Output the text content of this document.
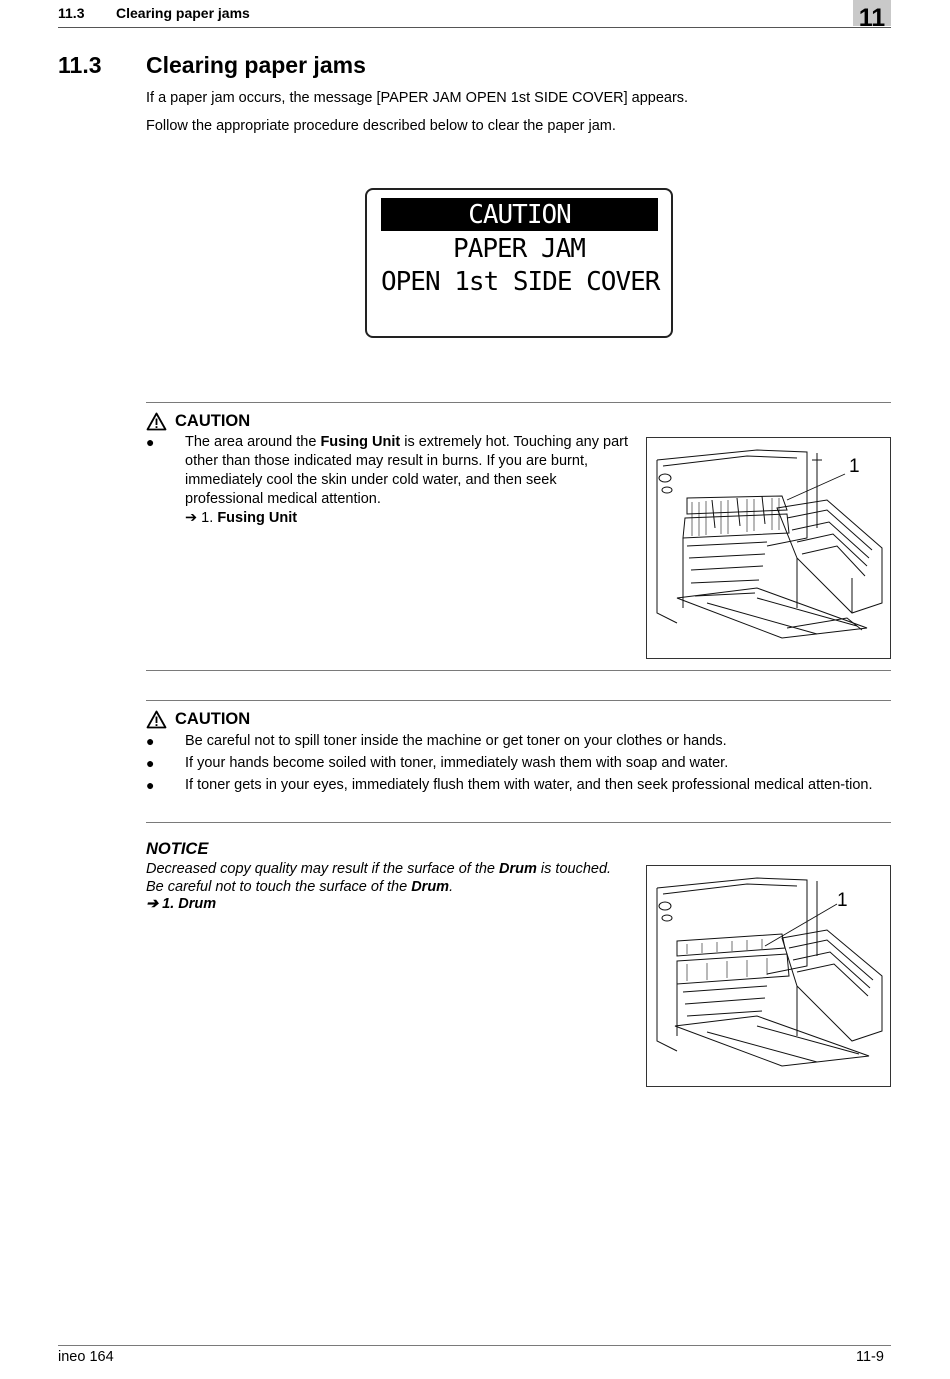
11.3 Clearing paper jams	11
11.3 Clearing paper jams
If a paper jam occurs, the message [PAPER JAM OPEN 1st SIDE COVER] appears.
Follow the appropriate procedure described below to clear the paper jam.
CAUTION
PAPER JAM
OPEN 1st SIDE COVER
CAUTION
● The area around the Fusing Unit is extremely hot. Touching any part other than those indicated may result in burns. If you are burnt, immediately cool the skin under cold water, and then seek professional medical attention.
➔ 1. Fusing Unit
1
CAUTION
● Be careful not to spill toner inside the machine or get toner on your clothes or hands.
● If your hands become soiled with toner, immediately wash them with soap and water.
● If toner gets in your eyes, immediately flush them with water, and then seek professional medical atten-tion.
NOTICE
Decreased copy quality may result if the surface of the Drum is touched.
Be careful not to touch the surface of the Drum.
➔ 1. Drum	1
ineo 164	11-9
